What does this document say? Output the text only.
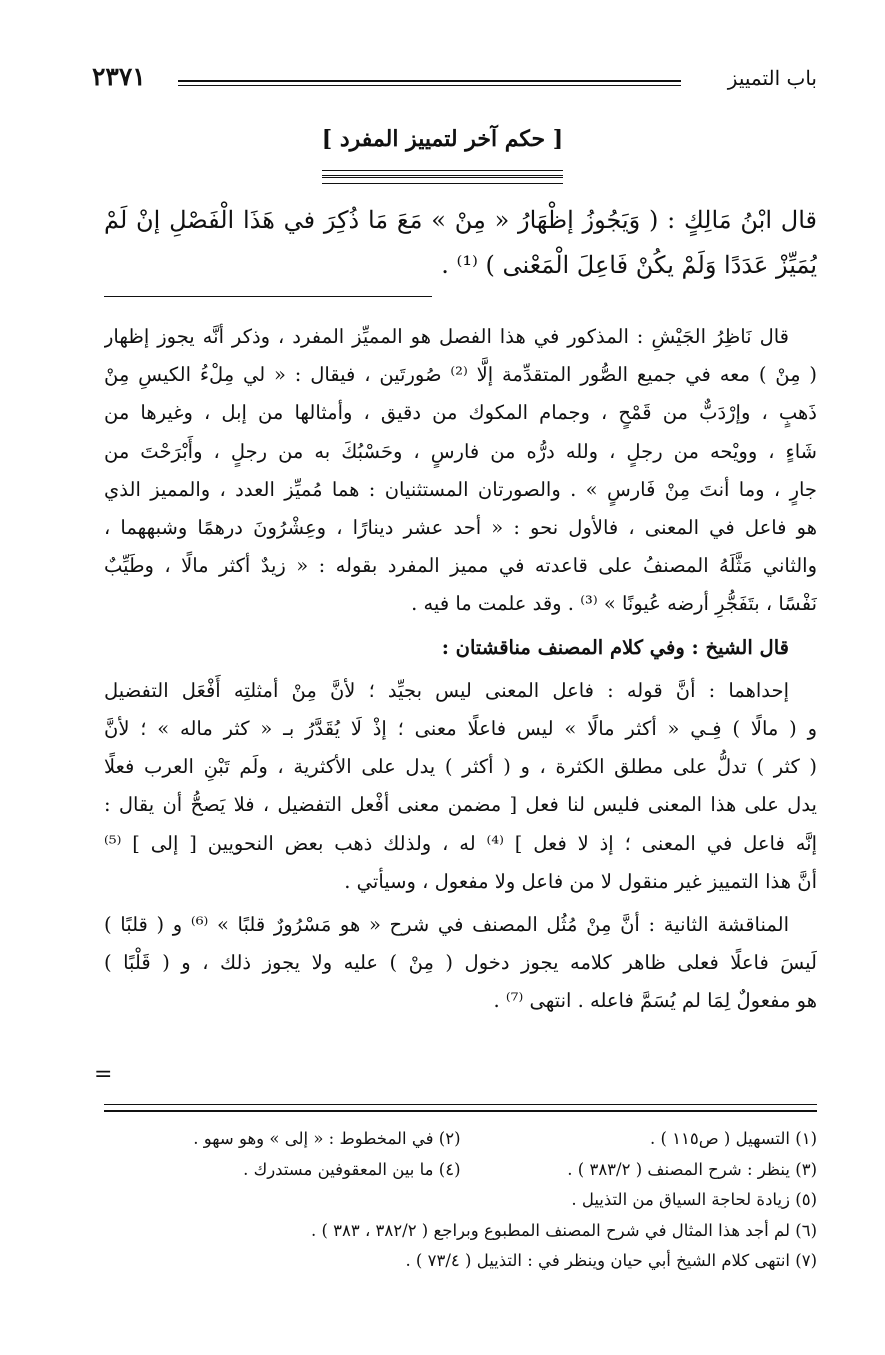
باب التمييز
٢٣٧١
[ حكم آخر لتمييز المفرد ]
قال ابْنُ مَالِكٍ : ( وَيَجُوزُ إظْهَارُ « مِنْ » مَعَ مَا ذُكِرَ في هَذَا الْفَصْلِ إنْ لَمْ
يُمَيِّزْ عَدَدًا وَلَمْ يكُنْ فَاعِلَ الْمَعْنى ) ⁽¹⁾ .
قال نَاظِرُ الجَيْشِ : المذكور في هذا الفصل هو المميِّز المفرد ، وذكر أنَّه يجوز إظهار
( مِنْ ) معه في جميع الصُّور المتقدِّمة إلَّا ⁽²⁾ صُورتَين ، فيقال : « لي مِلْءُ الكيسِ مِنْ
ذَهبٍ ، وإرْدَبٌّ من قَمْحٍ ، وجمام المكوك من دقيق ، وأمثالها من إبل ، وغيرها من
شَاءٍ ، وويْحه من رجلٍ ، ولله درُّه من فارسٍ ، وحَسْبُكَ به من رجلٍ ، وأَبْرَحْتَ من
جارٍ ، وما أنتَ مِنْ فَارسٍ » . والصورتان المستثنيان : هما مُميِّز العدد ، والمميز الذي
هو فاعل في المعنى ، فالأول نحو : « أحد عشر دينارًا ، وعِشْرُونَ درهمًا وشبههما ،
والثاني مَثَّلَهُ المصنفُ على قاعدته في مميز المفرد بقوله : « زيدٌ أكثر مالًا ، وطَيِّبٌ
نَفْسًا ، بتَفَجُّرِ أرضه عُيونًا » ⁽³⁾ . وقد علمت ما فيه .
قال الشيخ : وفي كلام المصنف مناقشتان :
إحداهما : أنَّ قوله : فاعل المعنى ليس بجيِّد ؛ لأنَّ مِنْ أمثلتِه أَفْعَل التفضيل
و ( مالًا ) فِـي « أكثر مالًا » ليس فاعلًا معنى ؛ إذْ لَا يُقَدَّرُ بـ « كثر ماله » ؛ لأنَّ
( كثر ) تدلُّ على مطلق الكثرة ، و ( أكثر ) يدل على الأكثرية ، ولَم تَبْنِ العرب فعلًا
يدل على هذا المعنى فليس لنا فعل [ مضمن معنى أفْعل التفضيل ، فلا يَصحُّ أن يقال :
إنَّه فاعل في المعنى ؛ إذ لا فعل ] ⁽⁴⁾ له ، ولذلك ذهب بعض النحويين [ إلى ] ⁽⁵⁾
أنَّ هذا التمييز غير منقول لا من فاعل ولا مفعول ، وسيأتي .
المناقشة الثانية : أنَّ مِنْ مُثُل المصنف في شرح « هو مَسْرُورٌ قلبًا » ⁽⁶⁾ و ( قلبًا )
لَيسَ فاعلًا فعلى ظاهر كلامه يجوز دخول ( مِنْ ) عليه ولا يجوز ذلك ، و ( قَلْبًا )
هو مفعولٌ لِمَا لم يُسَمَّ فاعله . انتهى ⁽⁷⁾ .
=
(١) التسهيل ( ص١١٥ ) .
(٢) في المخطوط : « إلى » وهو سهو .
(٣) ينظر : شرح المصنف ( ٣٨٣/٢ ) .
(٤) ما بين المعقوفين مستدرك .
(٥) زيادة لحاجة السياق من التذييل .
(٦) لم أجد هذا المثال في شرح المصنف المطبوع وبراجع ( ٣٨٢/٢ ، ٣٨٣ ) .
(٧) انتهى كلام الشيخ أبي حيان وينظر في : التذييل ( ٧٣/٤ ) .
